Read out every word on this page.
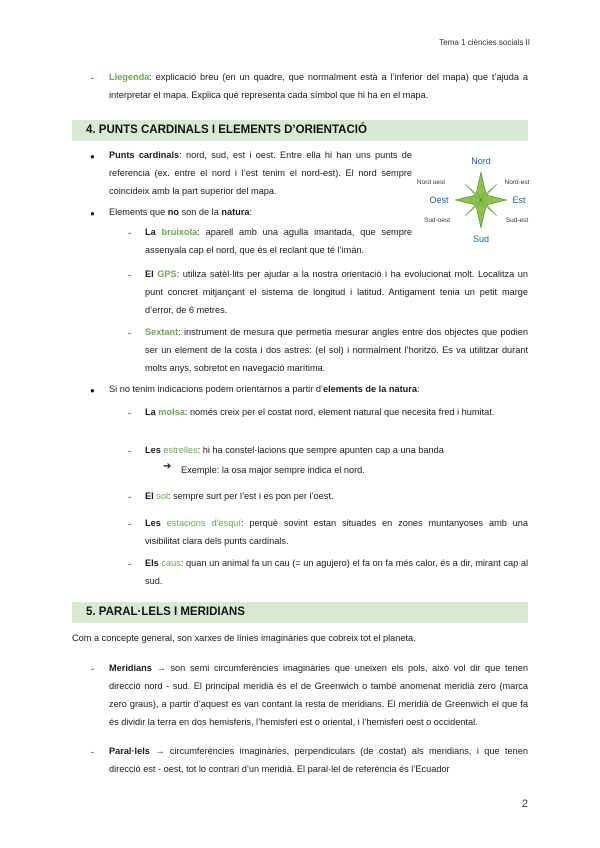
Tema 1 ciències socials II
- Llegenda: explicació breu (en un quadre, que normalment està a l’inferior del mapa) que t’ajuda a interpretar el mapa. Explica què representa cada símbol que hi ha en el mapa.
4. PUNTS CARDINALS I ELEMENTS D’ORIENTACIÓ
● Punts cardinals: nord, sud, est i oest. Entre ella hi han uns punts de referencia (ex. entre el nord i l’est tenim el nord-est). El nord sempre coincideix amb la part superior del mapa.
Nord
Sud
Est
Oest
Nord oest	Nord-est
Sud-oest	Sud-est
● Elements que no son de la natura:
- La brúixola: aparell amb una agulla imantada, que sempre assenyala cap el nord, que és el reclant que té l’imàn.
- El GPS: utiliza satèl·lits per ajudar a la nostra orientació i ha evolucionat molt. Localitza un punt concret mitjançant el sistema de longitud i latitud. Antigament tenia un petit marge d’error, de 6 metres.
- Sextant: instrument de mesura que permetia mesurar angles entre dos objectes que podien ser un element de la costa i dos astres: (el sol) i normalment l’horitzó. Es va utilitzar durant molts anys, sobretot en navegació marítima.
● Si no tenim indicacions podem orientarnos a partir d’elements de la natura:
- La molsa: només creix per el costat nord, element natural que necesita fred i humitat.
- Les estrelles: hi ha constel·lacions que sempre apunten cap a una banda
➔ Exemple: la osa major sempre indica el nord.
- El sol: sempre surt per l’est i es pon per l’oest.
- Les estacions d’esquí: perquè sovint estan situades en zones muntanyoses amb una visibilitat clara dels punts cardinals.
- Els caus: quan un animal fa un cau (= un agujero) el fa on fa més calor, és a dir, mirant cap al sud.
5. PARAL·LELS I MERIDIANS
Com a concepte general, son xarxes de línies imaginàries que cobreix tot el planeta.
- Meridians → son semi circumferències imaginàries que uneixen els pols, això vol dir que tenen direcció nord - sud. El principal meridià és el de Greenwich o també anomenat meridià zero (marca zero graus), a partir d’aquest es van contant la resta de meridians. El meridià de Greenwich el que fa és dividir la terra en dos hemisferis, l’hemisferi est o oriental, i l’hemisferi oest o occidental.
- Paral·lels → circumferències imaginàries, perpendiculars (de costat) als meridians, i que tenen direcció est - oest, tot lo contrari d’un meridià. El paral·lel de referència és l’Ecuador
2
